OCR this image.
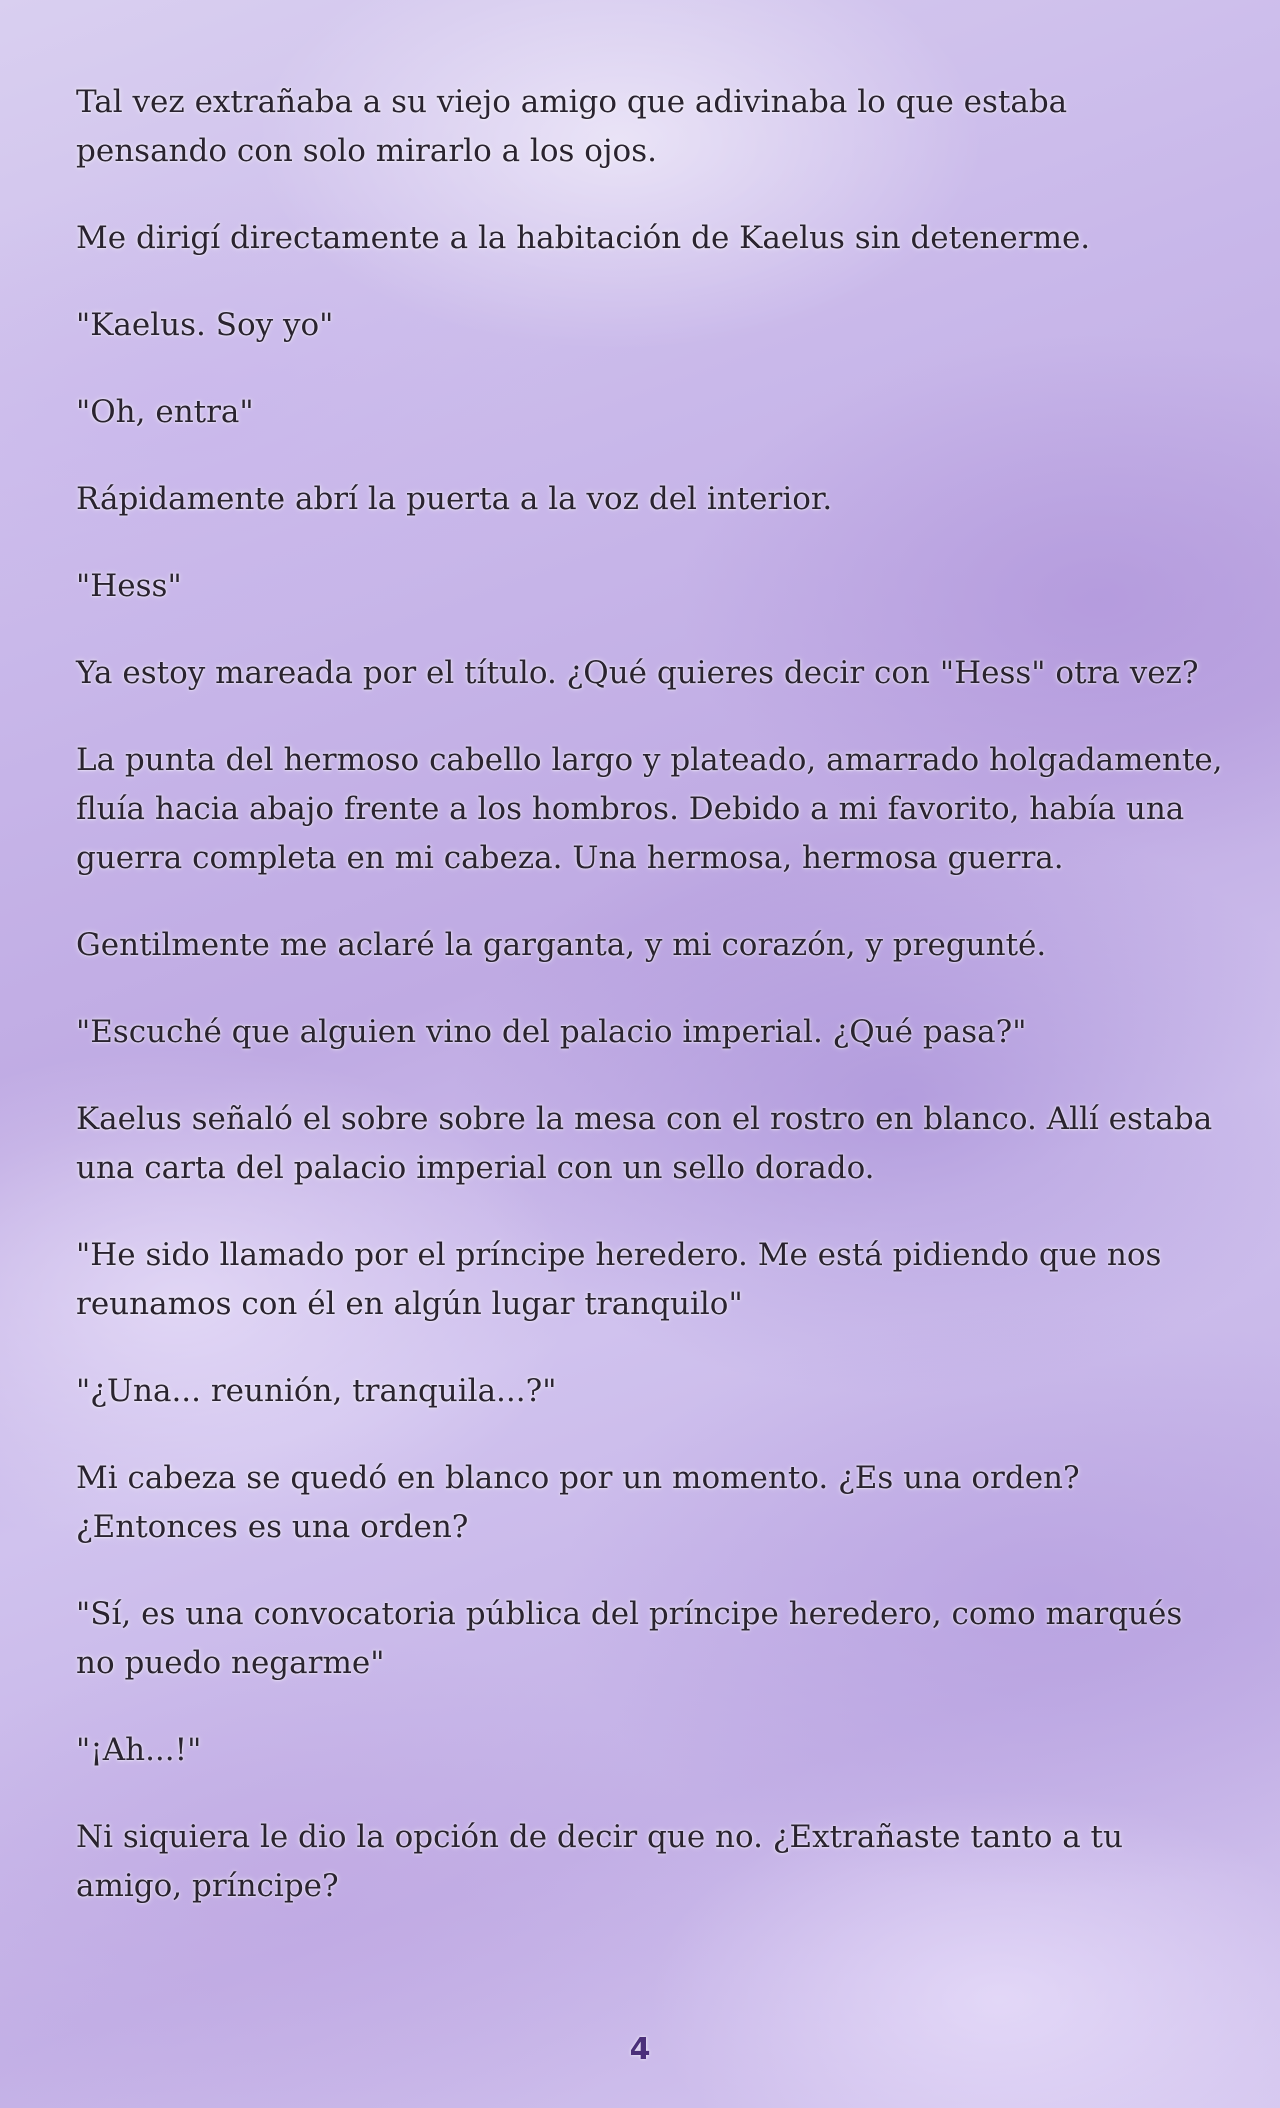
Tal vez extrañaba a su viejo amigo que adivinaba lo que estaba pensando con solo mirarlo a los ojos.

Me dirigí directamente a la habitación de Kaelus sin detenerme.

"Kaelus. Soy yo"

"Oh, entra"

Rápidamente abrí la puerta a la voz del interior.

"Hess"

Ya estoy mareada por el título. ¿Qué quieres decir con "Hess" otra vez?

La punta del hermoso cabello largo y plateado, amarrado holgadamente, fluía hacia abajo frente a los hombros. Debido a mi favorito, había una guerra completa en mi cabeza. Una hermosa, hermosa guerra.

Gentilmente me aclaré la garganta, y mi corazón, y pregunté.

"Escuché que alguien vino del palacio imperial. ¿Qué pasa?"

Kaelus señaló el sobre sobre la mesa con el rostro en blanco. Allí estaba una carta del palacio imperial con un sello dorado.

"He sido llamado por el príncipe heredero. Me está pidiendo que nos reunamos con él en algún lugar tranquilo"

"¿Una... reunión, tranquila...?"

Mi cabeza se quedó en blanco por un momento. ¿Es una orden? ¿Entonces es una orden?

"Sí, es una convocatoria pública del príncipe heredero, como marqués no puedo negarme"

"¡Ah...!"

Ni siquiera le dio la opción de decir que no. ¿Extrañaste tanto a tu amigo, príncipe?

4
